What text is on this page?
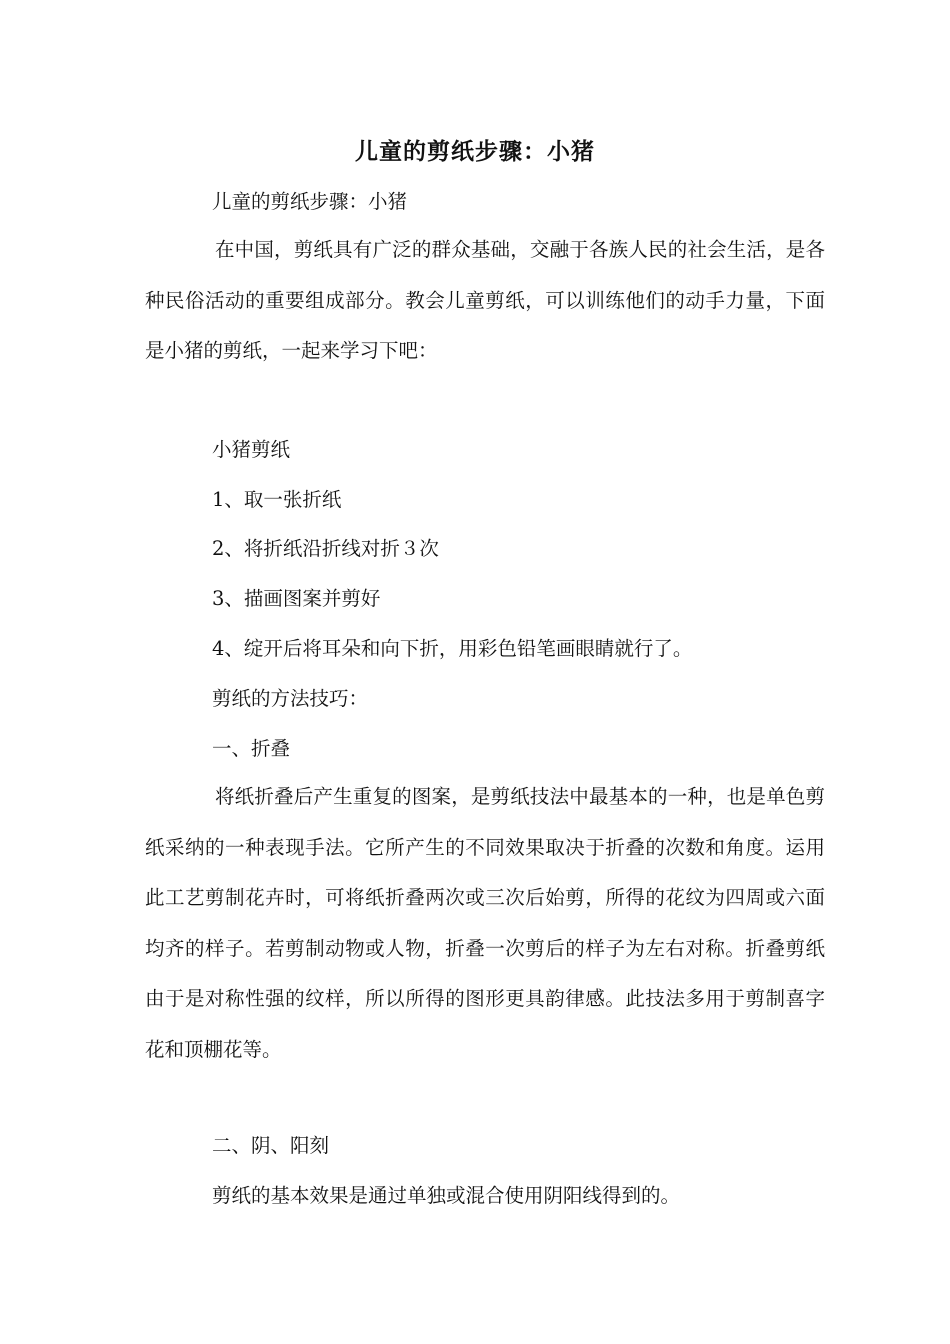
儿童的剪纸步骤：小猪
儿童的剪纸步骤：小猪
在中国，剪纸具有广泛的群众基础，交融于各族人民的社会生活，是各种民俗活动的重要组成部分。教会儿童剪纸，可以训练他们的动手力量，下面是小猪的剪纸，一起来学习下吧：
小猪剪纸
1、取一张折纸
2、将折纸沿折线对折３次
3、描画图案并剪好
4、绽开后将耳朵和向下折，用彩色铅笔画眼睛就行了。
剪纸的方法技巧：
一、折叠
将纸折叠后产生重复的图案，是剪纸技法中最基本的一种，也是单色剪纸采纳的一种表现手法。它所产生的不同效果取决于折叠的次数和角度。运用此工艺剪制花卉时，可将纸折叠两次或三次后始剪，所得的花纹为四周或六面均齐的样子。若剪制动物或人物，折叠一次剪后的样子为左右对称。折叠剪纸由于是对称性强的纹样，所以所得的图形更具韵律感。此技法多用于剪制喜字花和顶棚花等。
二、阴、阳刻
剪纸的基本效果是通过单独或混合使用阴阳线得到的。
